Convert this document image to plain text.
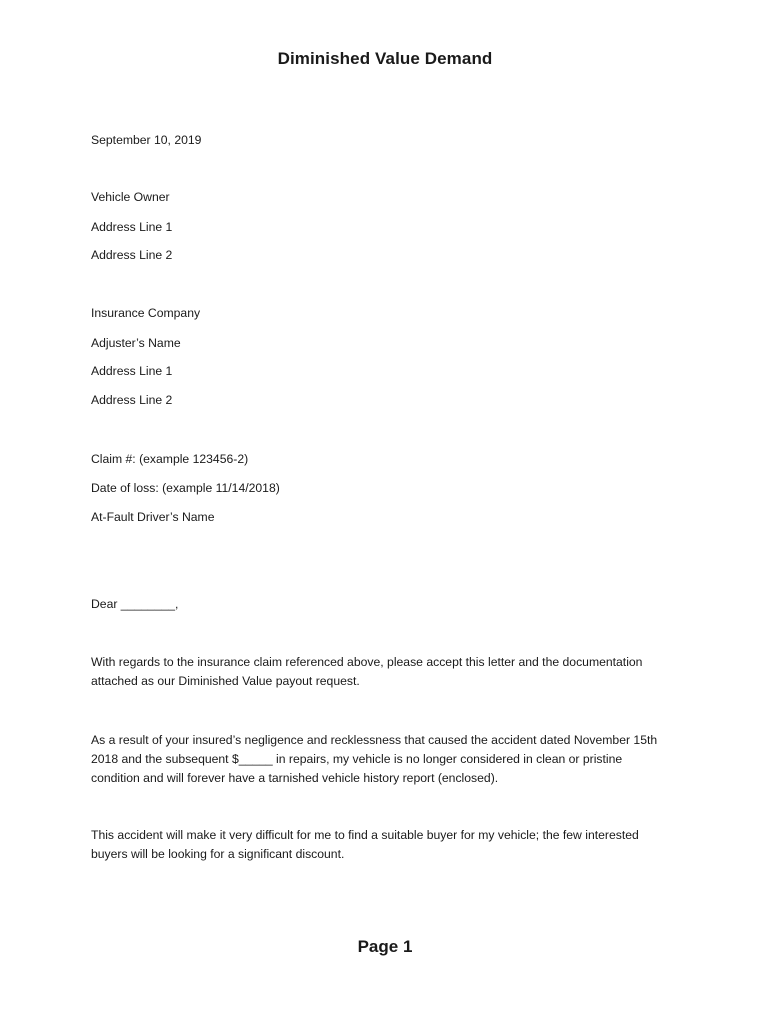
Diminished Value Demand
September 10, 2019
Vehicle Owner
Address Line 1
Address Line 2
Insurance Company
Adjuster’s Name
Address Line 1
Address Line 2
Claim #: (example 123456-2)
Date of loss: (example 11/14/2018)
At-Fault Driver’s Name
Dear ________,
With regards to the insurance claim referenced above, please accept this letter and the documentation
attached as our Diminished Value payout request.
As a result of your insured’s negligence and recklessness that caused the accident dated November 15th
2018 and the subsequent $_____ in repairs, my vehicle is no longer considered in clean or pristine
condition and will forever have a tarnished vehicle history report (enclosed).
This accident will make it very difficult for me to find a suitable buyer for my vehicle; the few interested
buyers will be looking for a significant discount.
Page 1
